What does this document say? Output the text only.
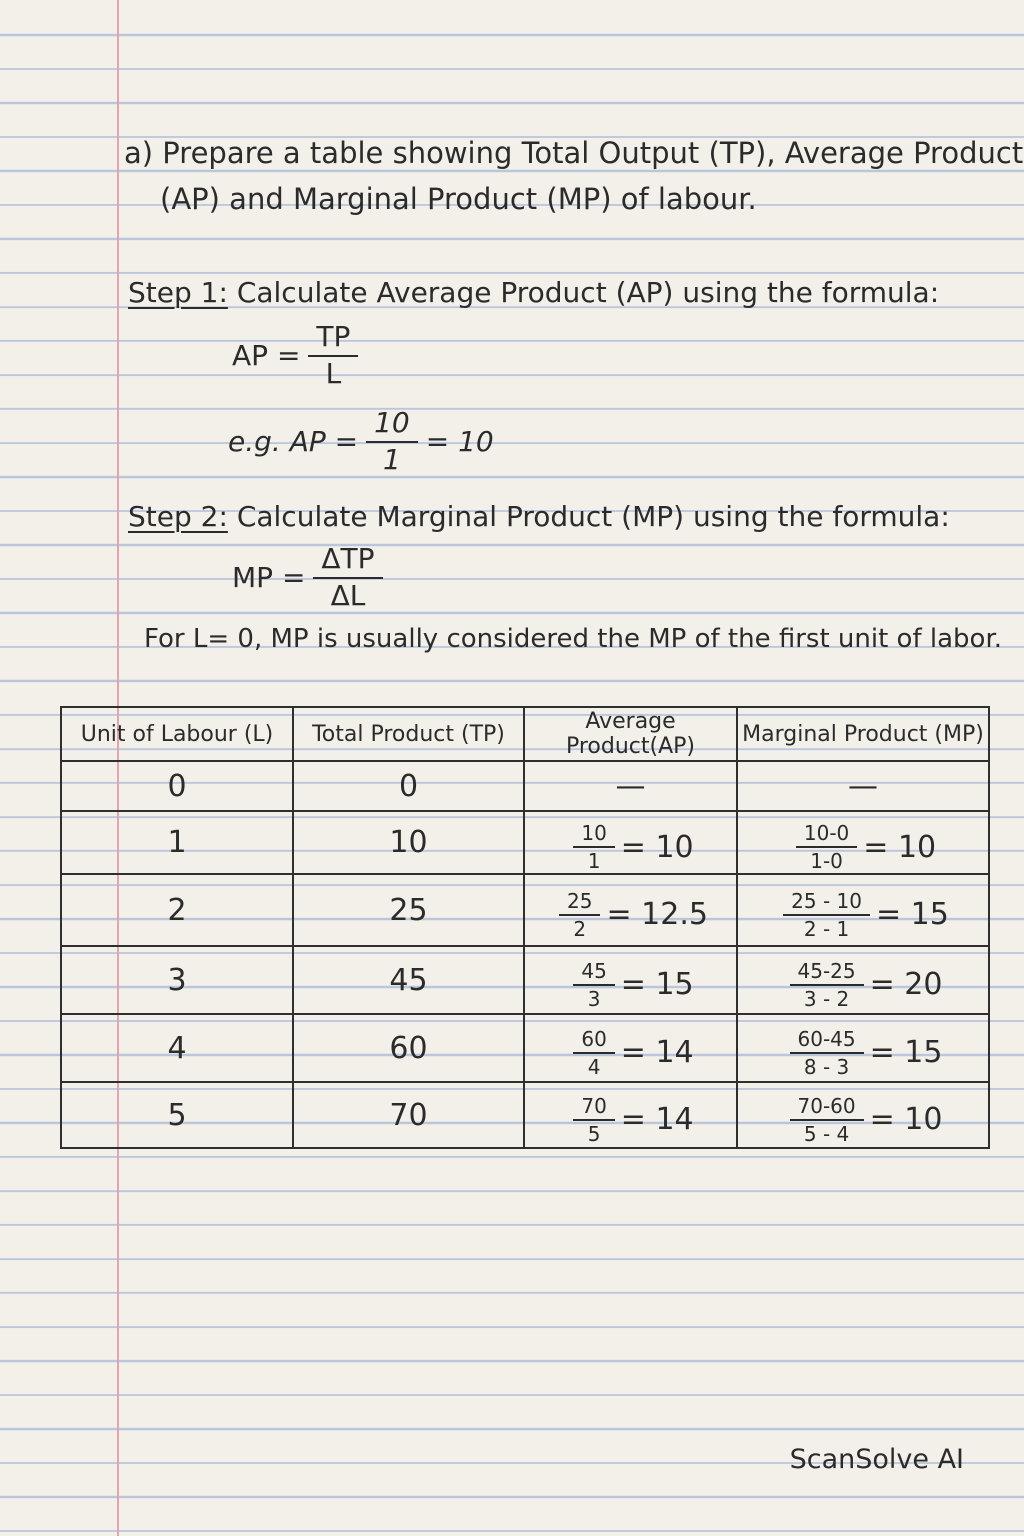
a) Prepare a table showing Total Output (TP), Average Product
(AP) and Marginal Product (MP) of labour.
Step 1: Calculate Average Product (AP) using the formula:
AP = $\frac{TP}{L}$
e.g. AP = $\frac{10}{1} = 10$
Step 2: Calculate Marginal Product (MP) using the formula:
MP = $\frac{\text{ΔTP}}{\Delta L}$
For L= 0, MP is usually considered the MP of the first unit of labor.
Unit of Labour (L)	Total Product (TP)	Average Product(AP)	Marginal Product (MP)
0	0	—	—
1	10	$\frac{10}{1} = 10$	$\frac{10-0}{1-0} = 10$

2	25	$\frac{25}{2} = 12.5$	$\frac{25 - 10}{2 - 1} = 15$

3	45	$\frac{45}{3} = 15$	$\frac{45-25}{3 - 2} = 20$

4	60	$\frac{60}{4} = 14$	$\frac{60-45}{8 - 3} = 15$

5	70	$\frac{70}{5} = 14$	$\frac{70-60}{5 - 4} = 10$
ScanSolve AI
